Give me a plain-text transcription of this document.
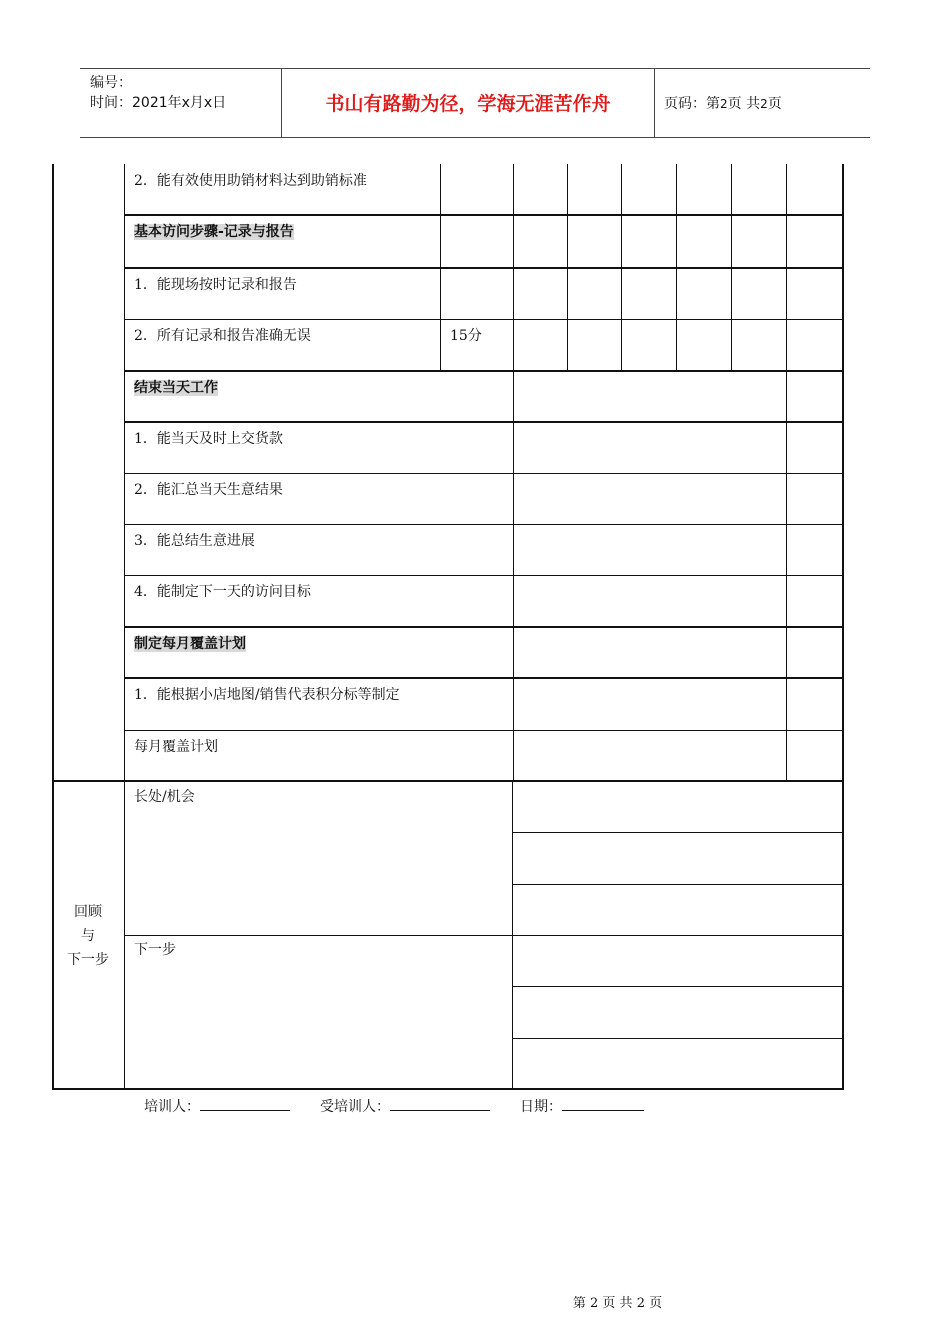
编号：
时间：2021年x月x日	书山有路勤为径，学海无涯苦作舟	页码：第2页 共2页
2．能有效使用助销材料达到助销标准
基本访问步骤-记录与报告
1．能现场按时记录和报告
2．所有记录和报告准确无误	15分
结束当天工作
1．能当天及时上交货款
2．能汇总当天生意结果
3．能总结生意进展
4．能制定下一天的访问目标
制定每月覆盖计划
1．能根据小店地图/销售代表积分标等制定
每月覆盖计划
回顾
与
下一步
长处/机会
下一步
培训人：	受培训人：	日期：
第 2 页 共 2 页
